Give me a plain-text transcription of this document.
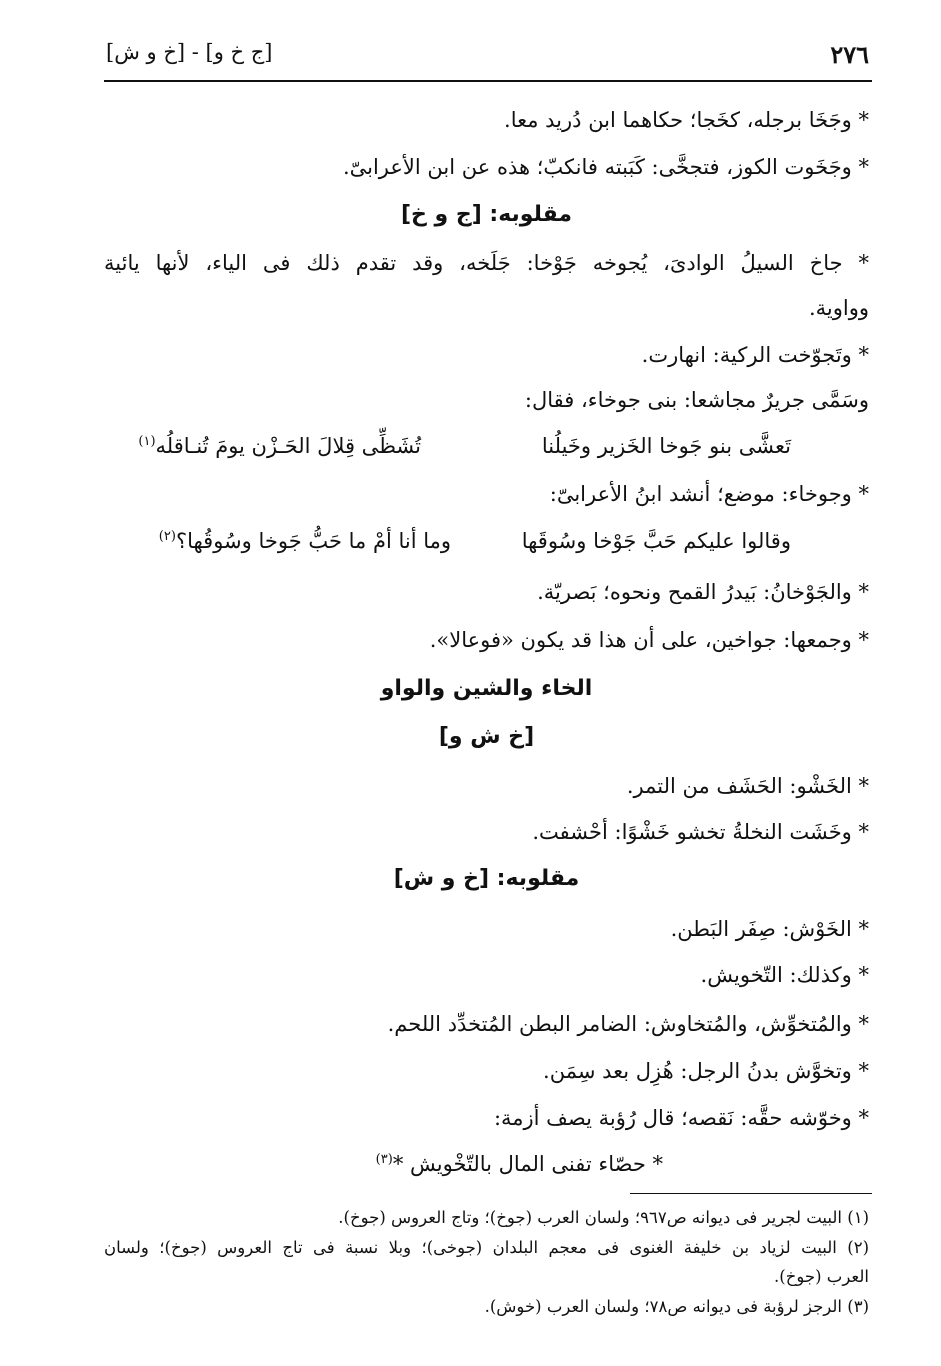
٢٧٦
[ج خ و] - [خ و ش]
* وجَخَا برجله، كخَجا؛ حكاهما ابن دُريد معا.
* وجَخَوت الكوز، فتجخَّى: كَبَبته فانكبّ؛ هذه عن ابن الأعرابىّ.
مقلوبه: [ج و خ]
* جاخ السيلُ الوادىَ، يُجوخه جَوْخا: جَلَخه، وقد تقدم ذلك فى الياء، لأنها يائية
وواوية.
* وتَجوّخت الركية: انهارت.
وسَمَّى جريرٌ مجاشعا: بنى جوخاء، فقال:
تَعشَّى بنو جَوخا الخَزير وخَيلُنا
تُشَظِّى قِلالَ الحَـزْن يومَ تُنـاقلُه$^{(١)}$
* وجوخاء: موضع؛ أنشد ابنُ الأعرابىّ:
وقالوا عليكم حَبَّ جَوْخا وسُوقَها
وما أنا أمْ ما حَبُّ جَوخا وسُوقُها؟$^{(٢)}$
* والجَوْخانُ: بَيدرُ القمح ونحوه؛ بَصريّة.
* وجمعها: جواخين، على أن هذا قد يكون «فوعالا».
الخاء والشين والواو
[خ ش و]
* الخَشْو: الحَشَف من التمر.
* وخَشَت النخلةُ تخشو خَشْوًا: أحْشفت.
مقلوبه: [خ و ش]
* الخَوْش: صِفَر البَطن.
* وكذلك: التّخويش.
* والمُتخوِّش، والمُتخاوش: الضامر البطن المُتخدِّد اللحم.
* وتخوَّش بدنُ الرجل: هُزِل بعد سِمَن.
* وخوّشه حقَّه: نَقصه؛ قال رُؤبة يصف أزمة:
* حصّاء تفنى المال بالتّخْويش *$^{(٣)}$
(١) البيت لجرير فى ديوانه ص٩٦٧؛ ولسان العرب (جوخ)؛ وتاج العروس (جوخ).
(٢) البيت لزياد بن خليفة الغنوى فى معجم البلدان (جوخى)؛ وبلا نسبة فى تاج العروس (جوخ)؛ ولسان
العرب (جوخ).
(٣) الرجز لرؤبة فى ديوانه ص٧٨؛ ولسان العرب (خوش).
